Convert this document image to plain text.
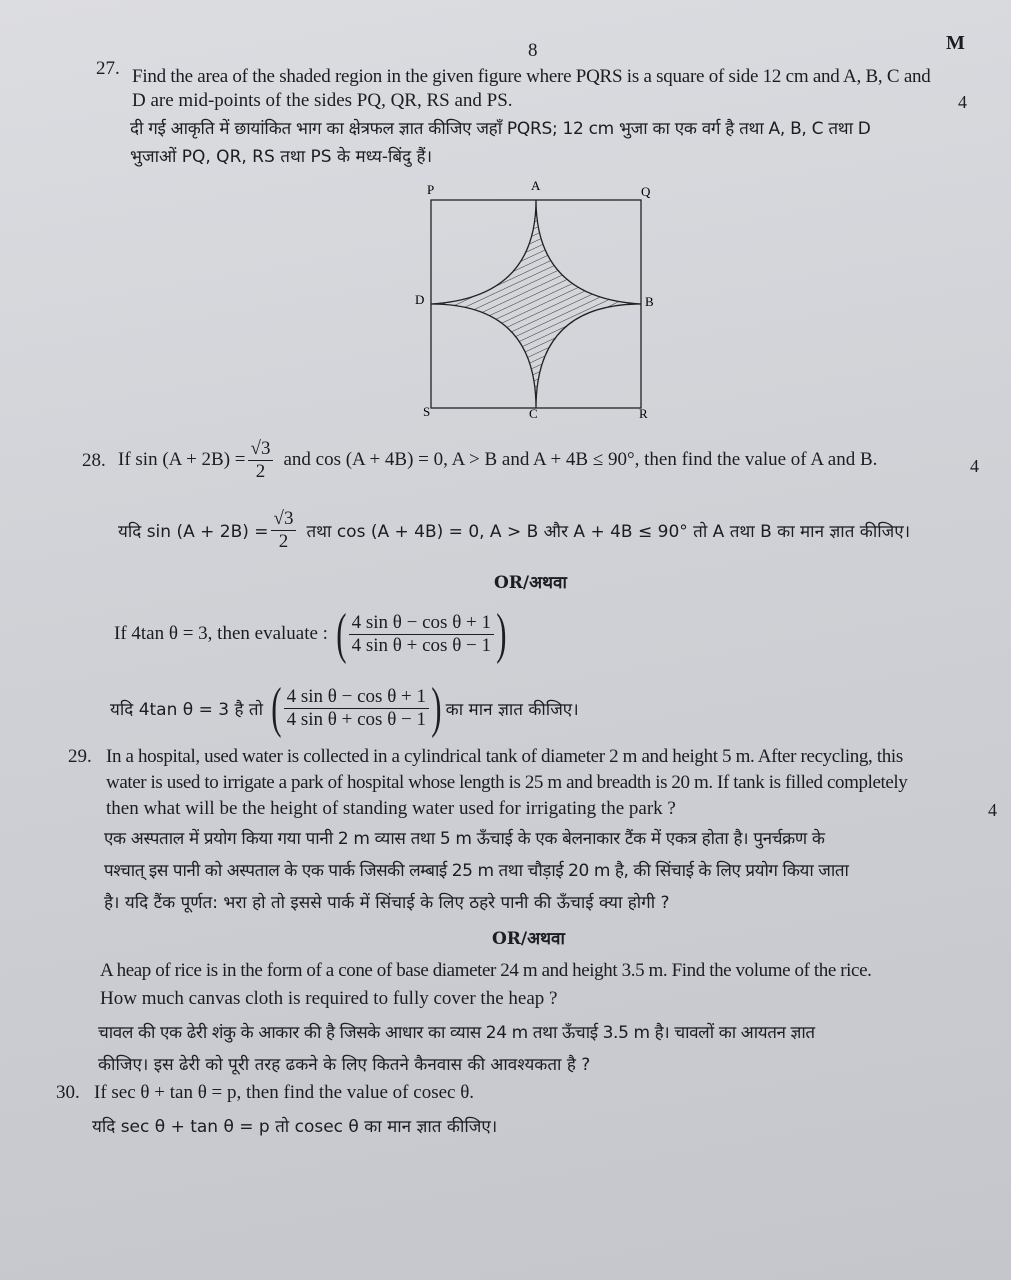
8	M
27. Find the area of the shaded region in the given figure where PQRS is a square of side 12 cm and A, B, C and
D are mid-points of the sides PQ, QR, RS and PS.	4
दी गई आकृति में छायांकित भाग का क्षेत्रफल ज्ञात कीजिए जहाँ PQRS; 12 cm भुजा का एक वर्ग है तथा A, B, C तथा D
भुजाओं PQ, QR, RS तथा PS के मध्य-बिंदु हैं।
P	A	Q
D	B
S	C	R
28. If $\sin (A + 2B) = \frac{√3}{2}$ and cos (A + 4B) = 0, A > B and A + 4B ≤ 90°, then find the value of A and B.	4
यदि $\sin (A + 2B) = \frac{√3}{2}$ तथा cos (A + 4B) = 0, A > B और A + 4B ≤ 90° तो A तथा B का मान ज्ञात कीजिए।
OR/अथवा
If 4tan θ = 3, then evaluate : ( $\frac{\text{4 sin θ − cos θ + 1}}{\text{4 sin θ + cos θ − 1}}$ )
यदि 4tan θ = 3 है तो ( $\frac{\text{4 sin θ − cos θ + 1}}{\text{4 sin θ + cos θ − 1}}$ ) का मान ज्ञात कीजिए।
29. In a hospital, used water is collected in a cylindrical tank of diameter 2 m and height 5 m. After recycling, this
water is used to irrigate a park of hospital whose length is 25 m and breadth is 20 m. If tank is filled completely
then what will be the height of standing water used for irrigating the park ?	4
एक अस्पताल में प्रयोग किया गया पानी 2 m व्यास तथा 5 m ऊँचाई के एक बेलनाकार टैंक में एकत्र होता है। पुनर्चक्रण के
पश्चात् इस पानी को अस्पताल के एक पार्क जिसकी लम्बाई 25 m तथा चौड़ाई 20 m है, की सिंचाई के लिए प्रयोग किया जाता
है। यदि टैंक पूर्णत: भरा हो तो इससे पार्क में सिंचाई के लिए ठहरे पानी की ऊँचाई क्या होगी ?
OR/अथवा
A heap of rice is in the form of a cone of base diameter 24 m and height 3.5 m. Find the volume of the rice.
How much canvas cloth is required to fully cover the heap ?
चावल की एक ढेरी शंकु के आकार की है जिसके आधार का व्यास 24 m तथा ऊँचाई 3.5 m है। चावलों का आयतन ज्ञात
कीजिए। इस ढेरी को पूरी तरह ढकने के लिए कितने कैनवास की आवश्यकता है ?
30. If sec θ + tan θ = p, then find the value of cosec θ.
यदि sec θ + tan θ = p तो cosec θ का मान ज्ञात कीजिए।
